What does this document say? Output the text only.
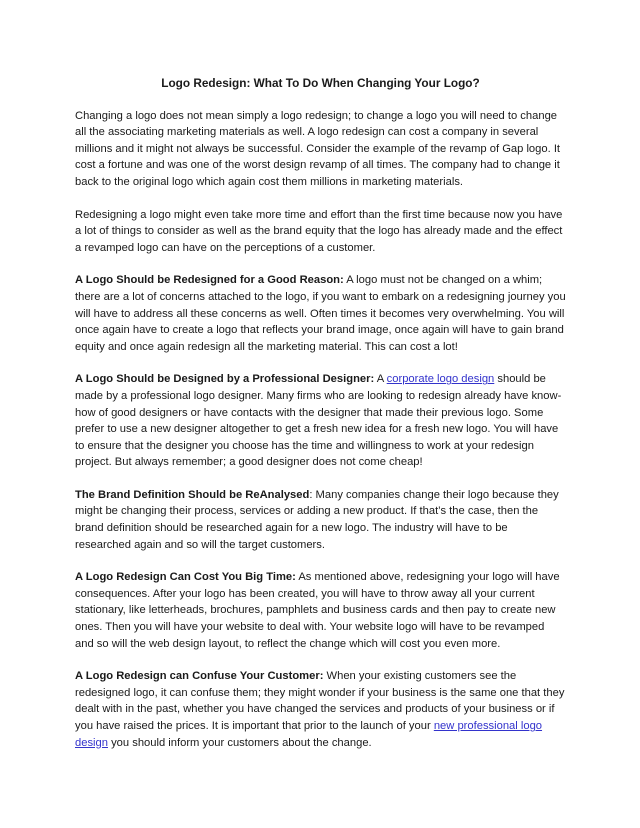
Logo Redesign: What To Do When Changing Your Logo?

Changing a logo does not mean simply a logo redesign; to change a logo you will need to change all the associating marketing materials as well. A logo redesign can cost a company in several millions and it might not always be successful. Consider the example of the revamp of Gap logo. It cost a fortune and was one of the worst design revamp of all times. The company had to change it back to the original logo which again cost them millions in marketing materials.

Redesigning a logo might even take more time and effort than the first time because now you have a lot of things to consider as well as the brand equity that the logo has already made and the effect a revamped logo can have on the perceptions of a customer.

A Logo Should be Redesigned for a Good Reason: A logo must not be changed on a whim; there are a lot of concerns attached to the logo, if you want to embark on a redesigning journey you will have to address all these concerns as well. Often times it becomes very overwhelming. You will once again have to create a logo that reflects your brand image, once again will have to gain brand equity and once again redesign all the marketing material. This can cost a lot!

A Logo Should be Designed by a Professional Designer: A corporate logo design should be made by a professional logo designer. Many firms who are looking to redesign already have know-how of good designers or have contacts with the designer that made their previous logo. Some prefer to use a new designer altogether to get a fresh new idea for a fresh new logo. You will have to ensure that the designer you choose has the time and willingness to work at your redesign project. But always remember; a good designer does not come cheap!

The Brand Definition Should be ReAnalysed: Many companies change their logo because they might be changing their process, services or adding a new product. If that’s the case, then the brand definition should be researched again for a new logo. The industry will have to be researched again and so will the target customers.

A Logo Redesign Can Cost You Big Time: As mentioned above, redesigning your logo will have consequences. After your logo has been created, you will have to throw away all your current stationary, like letterheads, brochures, pamphlets and business cards and then pay to create new ones. Then you will have your website to deal with. Your website logo will have to be revamped and so will the web design layout, to reflect the change which will cost you even more.

A Logo Redesign can Confuse Your Customer: When your existing customers see the redesigned logo, it can confuse them; they might wonder if your business is the same one that they dealt with in the past, whether you have changed the services and products of your business or if you have raised the prices. It is important that prior to the launch of your new professional logo design you should inform your customers about the change.
